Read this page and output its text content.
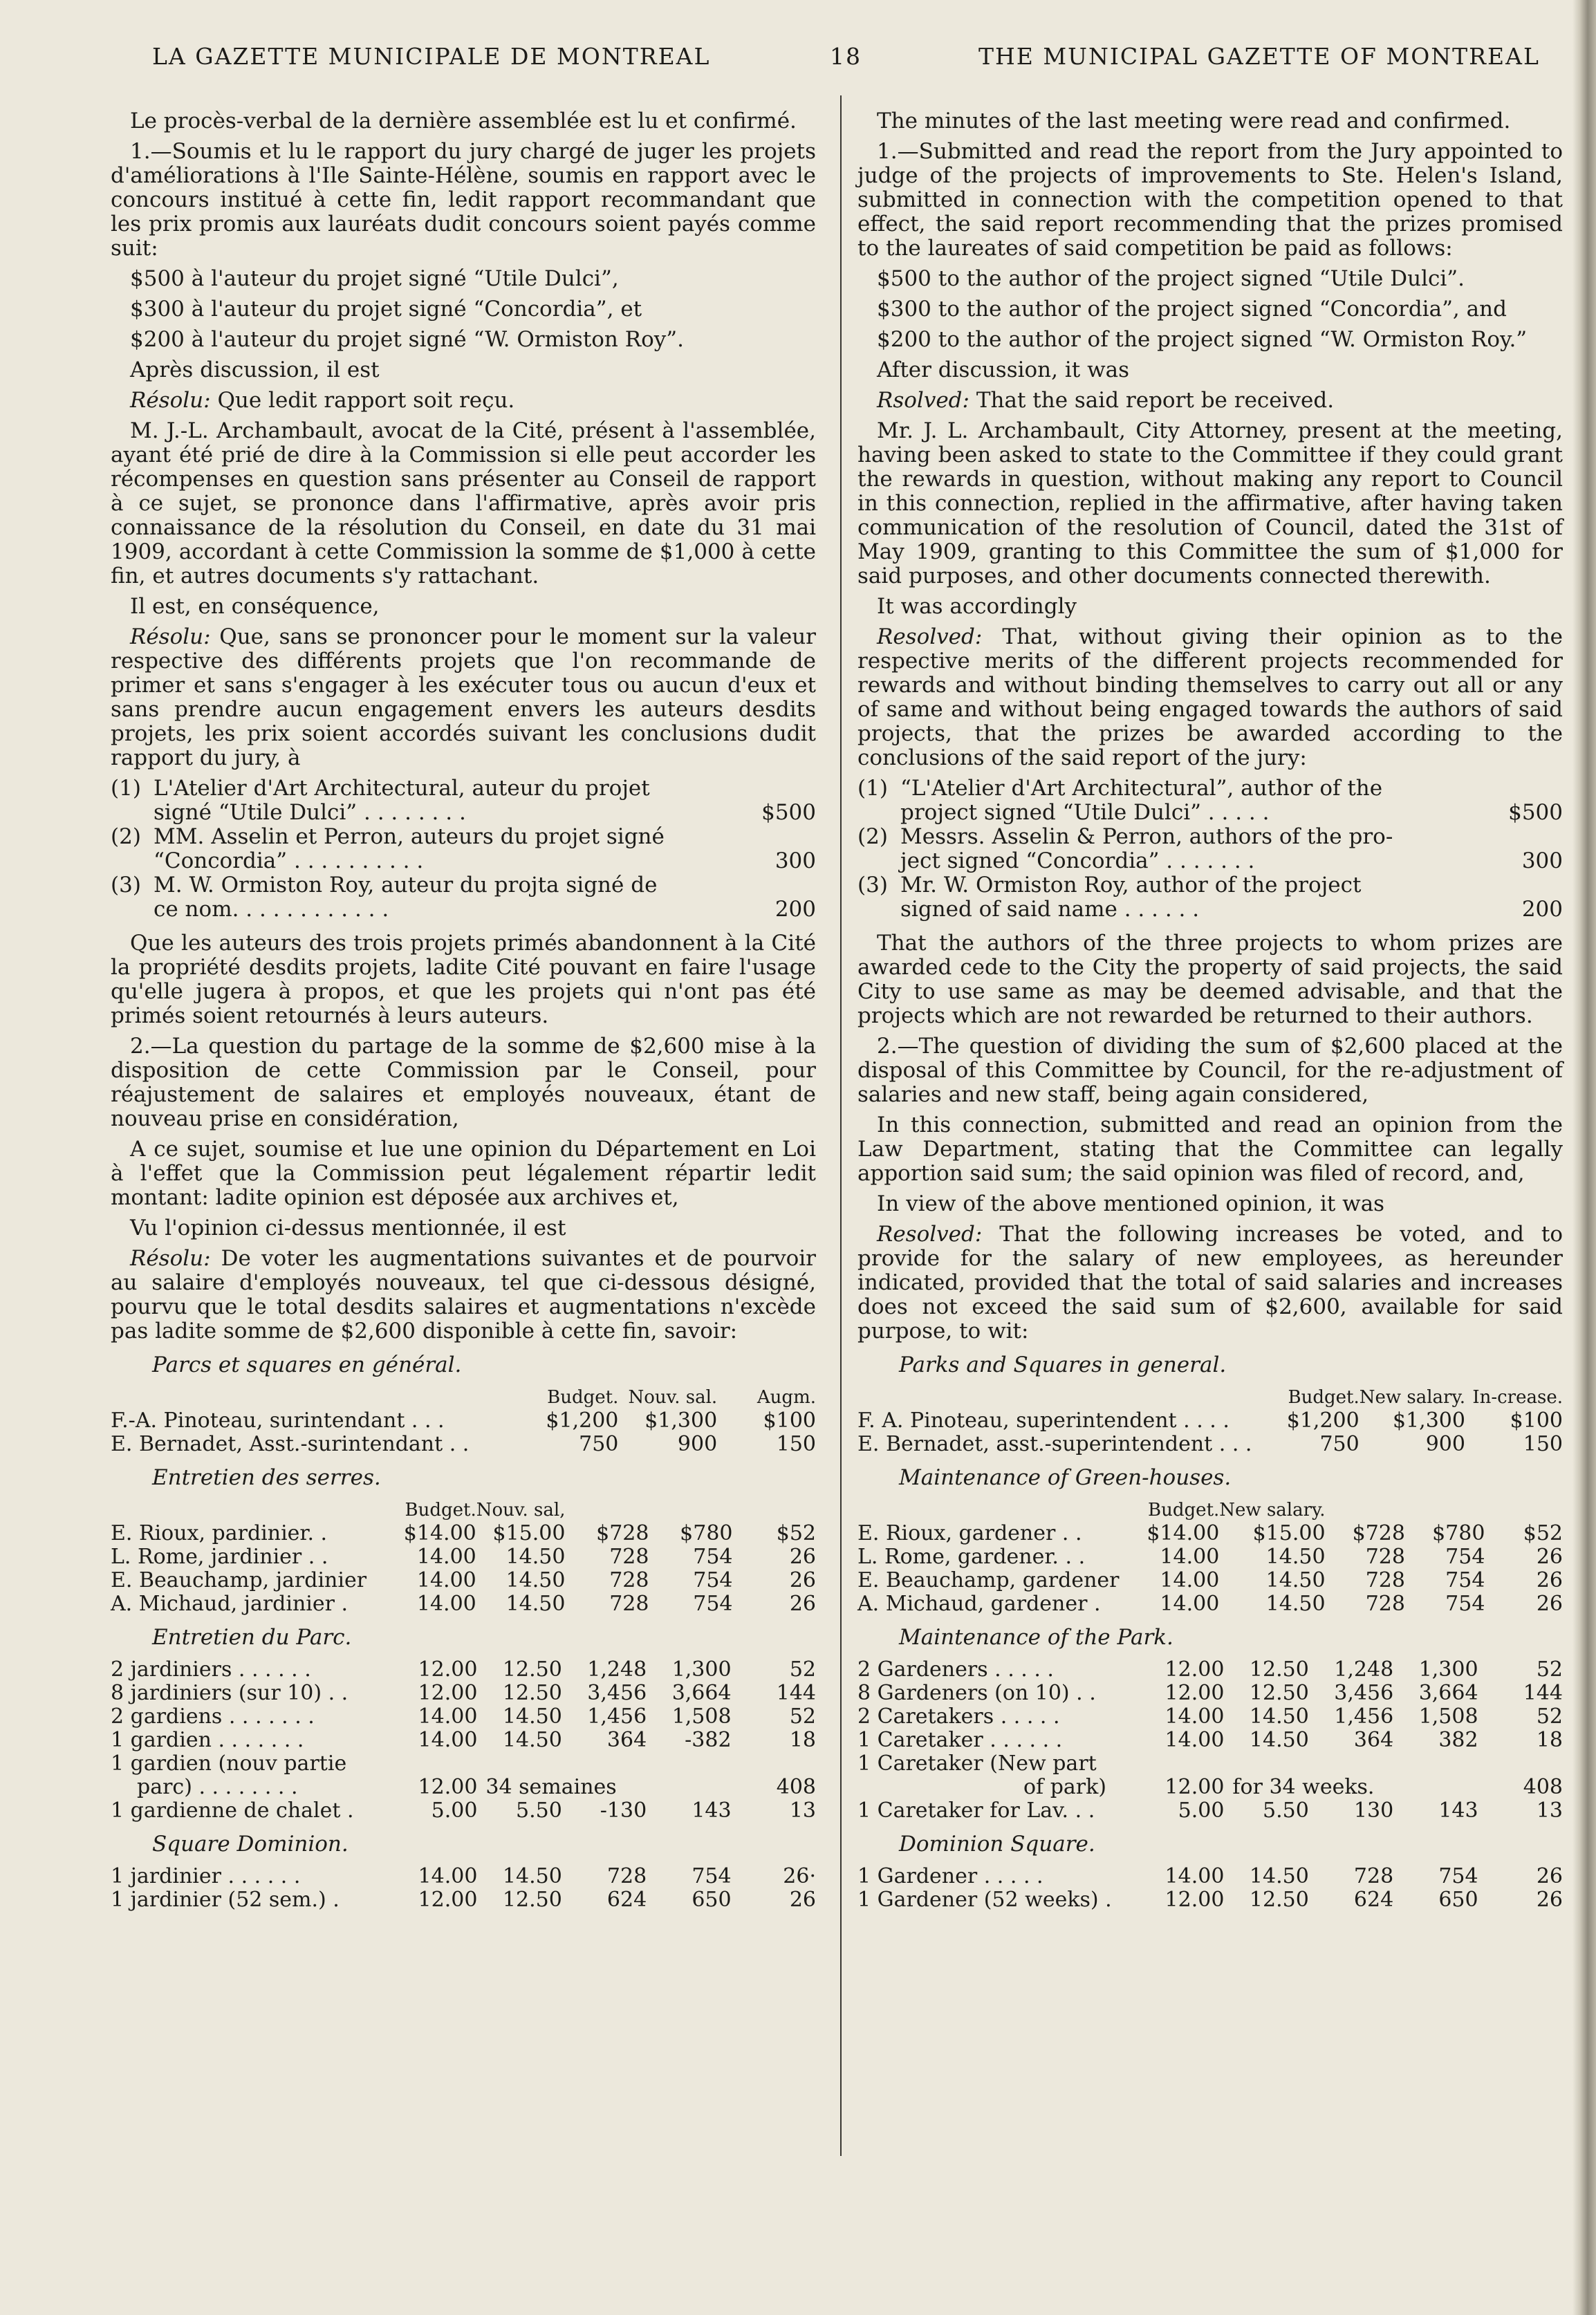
LA GAZETTE MUNICIPALE DE MONTREAL	18	THE MUNICIPAL GAZETTE OF MONTREAL

Le procès-verbal de la dernière assemblée est lu et confirmé.

1.—Soumis et lu le rapport du jury chargé de juger les projets d'améliorations à l'Ile Sainte-Hélène, soumis en rapport avec le concours institué à cette fin, ledit rapport recommandant que les prix promis aux lauréats dudit concours soient payés comme suit:

$500 à l'auteur du projet signé “Utile Dulci”,

$300 à l'auteur du projet signé “Concordia”, et

$200 à l'auteur du projet signé “W. Ormiston Roy”.

Après discussion, il est

Résolu: Que ledit rapport soit reçu.

M. J.-L. Archambault, avocat de la Cité, présent à l'assemblée, ayant été prié de dire à la Commission si elle peut accorder les récompenses en question sans présenter au Conseil de rapport à ce sujet, se prononce dans l'affirmative, après avoir pris connaissance de la résolution du Conseil, en date du 31 mai 1909, accordant à cette Commission la somme de $1,000 à cette fin, et autres documents s'y rattachant.

Il est, en conséquence,

Résolu: Que, sans se prononcer pour le moment sur la valeur respective des différents projets que l'on recommande de primer et sans s'engager à les exécuter tous ou aucun d'eux et sans prendre aucun engagement envers les auteurs desdits projets, les prix soient accordés suivant les conclusions dudit rapport du jury, à

(1) L'Atelier d'Art Architectural, auteur du projet
signé “Utile Dulci” . . . . . . . .	$500
(2) MM. Asselin et Perron, auteurs du projet signé
“Concordia” . . . . . . . . . .	300
(3) M. W. Ormiston Roy, auteur du projta signé de
ce nom. . . . . . . . . . . .	200

Que les auteurs des trois projets primés abandonnent à la Cité la propriété desdits projets, ladite Cité pouvant en faire l'usage qu'elle jugera à propos, et que les projets qui n'ont pas été primés soient retournés à leurs auteurs.

2.—La question du partage de la somme de $2,600 mise à la disposition de cette Commission par le Conseil, pour réajustement de salaires et employés nouveaux, étant de nouveau prise en considération,

A ce sujet, soumise et lue une opinion du Département en Loi à l'effet que la Commission peut légalement répartir ledit montant: ladite opinion est déposée aux archives et,

Vu l'opinion ci-dessus mentionnée, il est

Résolu: De voter les augmentations suivantes et de pourvoir au salaire d'employés nouveaux, tel que ci-dessous désigné, pourvu que le total desdits salaires et augmentations n'excède pas ladite somme de $2,600 disponible à cette fin, savoir:

Parcs et squares en général.
	Budget.	Nouv. sal.	Augm.
F.-A. Pinoteau, surintendant . . .	$1,200	$1,300	$100
E. Bernadet, Asst.-surintendant . .	750	900	150
Entretien des serres.
	Budget.	Nouv. sal,			
E. Rioux, pardinier. .	$14.00	$15.00	$728	$780	$52
L. Rome, jardinier . .	14.00	14.50	728	754	26
E. Beauchamp, jardinier	14.00	14.50	728	754	26
A. Michaud, jardinier .	14.00	14.50	728	754	26
Entretien du Parc.
2 jardiniers . . . . . .	12.00	12.50	1,248	1,300	52
8 jardiniers (sur 10) . .	12.00	12.50	3,456	3,664	144
2 gardiens . . . . . . .	14.00	14.50	1,456	1,508	52
1 gardien . . . . . . .	14.00	14.50	364	-382	18
1 gardien (nouv partie					
parc) . . . . . . . .	12.00	34 semaines			408
1 gardienne de chalet .	5.00	5.50	-130	143	13
Square Dominion.
1 jardinier . . . . . .	14.00	14.50	728	754	26·
1 jardinier (52 sem.) .	12.00	12.50	624	650	26

The minutes of the last meeting were read and confirmed.

1.—Submitted and read the report from the Jury appointed to judge of the projects of improvements to Ste. Helen's Island, submitted in connection with the competition opened to that effect, the said report recommending that the prizes promised to the laureates of said competition be paid as follows:

$500 to the author of the project signed “Utile Dulci”.

$300 to the author of the project signed “Concordia”, and

$200 to the author of the project signed “W. Ormiston Roy.”

After discussion, it was

Rsolved: That the said report be received.

Mr. J. L. Archambault, City Attorney, present at the meeting, having been asked to state to the Committee if they could grant the rewards in question, without making any report to Council in this connection, replied in the affirmative, after having taken communication of the resolution of Council, dated the 31st of May 1909, granting to this Committee the sum of $1,000 for said purposes, and other documents connected therewith.

It was accordingly

Resolved: That, without giving their opinion as to the respective merits of the different projects recommended for rewards and without binding themselves to carry out all or any of same and without being engaged towards the authors of said projects, that the prizes be awarded according to the conclusions of the said report of the jury:

(1) “L'Atelier d'Art Architectural”, author of the
project signed “Utile Dulci” . . . . .	$500
(2) Messrs. Asselin & Perron, authors of the pro-
ject signed “Concordia” . . . . . . .	300
(3) Mr. W. Ormiston Roy, author of the project
signed of said name . . . . . .	200

That the authors of the three projects to whom prizes are awarded cede to the City the property of said projects, the said City to use same as may be deemed advisable, and that the projects which are not rewarded be returned to their authors.

2.—The question of dividing the sum of $2,600 placed at the disposal of this Committee by Council, for the re-adjustment of salaries and new staff, being again considered,

In this connection, submitted and read an opinion from the Law Department, stating that the Committee can legally apportion said sum; the said opinion was filed of record, and,

In view of the above mentioned opinion, it was

Resolved: That the following increases be voted, and to provide for the salary of new employees, as hereunder indicated, provided that the total of said salaries and increases does not exceed the said sum of $2,600, available for said purpose, to wit:

Parks and Squares in general.
	Budget.	New salary.	In-crease.
F. A. Pinoteau, superintendent . . . .	$1,200	$1,300	$100
E. Bernadet, asst.-superintendent . . .	750	900	150
Maintenance of Green-houses.
	Budget.	New salary.			
E. Rioux, gardener . .	$14.00	$15.00	$728	$780	$52
L. Rome, gardener. . .	14.00	14.50	728	754	26
E. Beauchamp, gardener	14.00	14.50	728	754	26
A. Michaud, gardener .	14.00	14.50	728	754	26
Maintenance of the Park.
2 Gardeners . . . . .	12.00	12.50	1,248	1,300	52
8 Gardeners (on 10) . .	12.00	12.50	3,456	3,664	144
2 Caretakers . . . . .	14.00	14.50	1,456	1,508	52
1 Caretaker . . . . . .	14.00	14.50	364	382	18
1 Caretaker (New part					
of park)	12.00	for 34 weeks.			408
1 Caretaker for Lav. . .	5.00	5.50	130	143	13
Dominion Square.
1 Gardener . . . . .	14.00	14.50	728	754	26
1 Gardener (52 weeks) .	12.00	12.50	624	650	26
